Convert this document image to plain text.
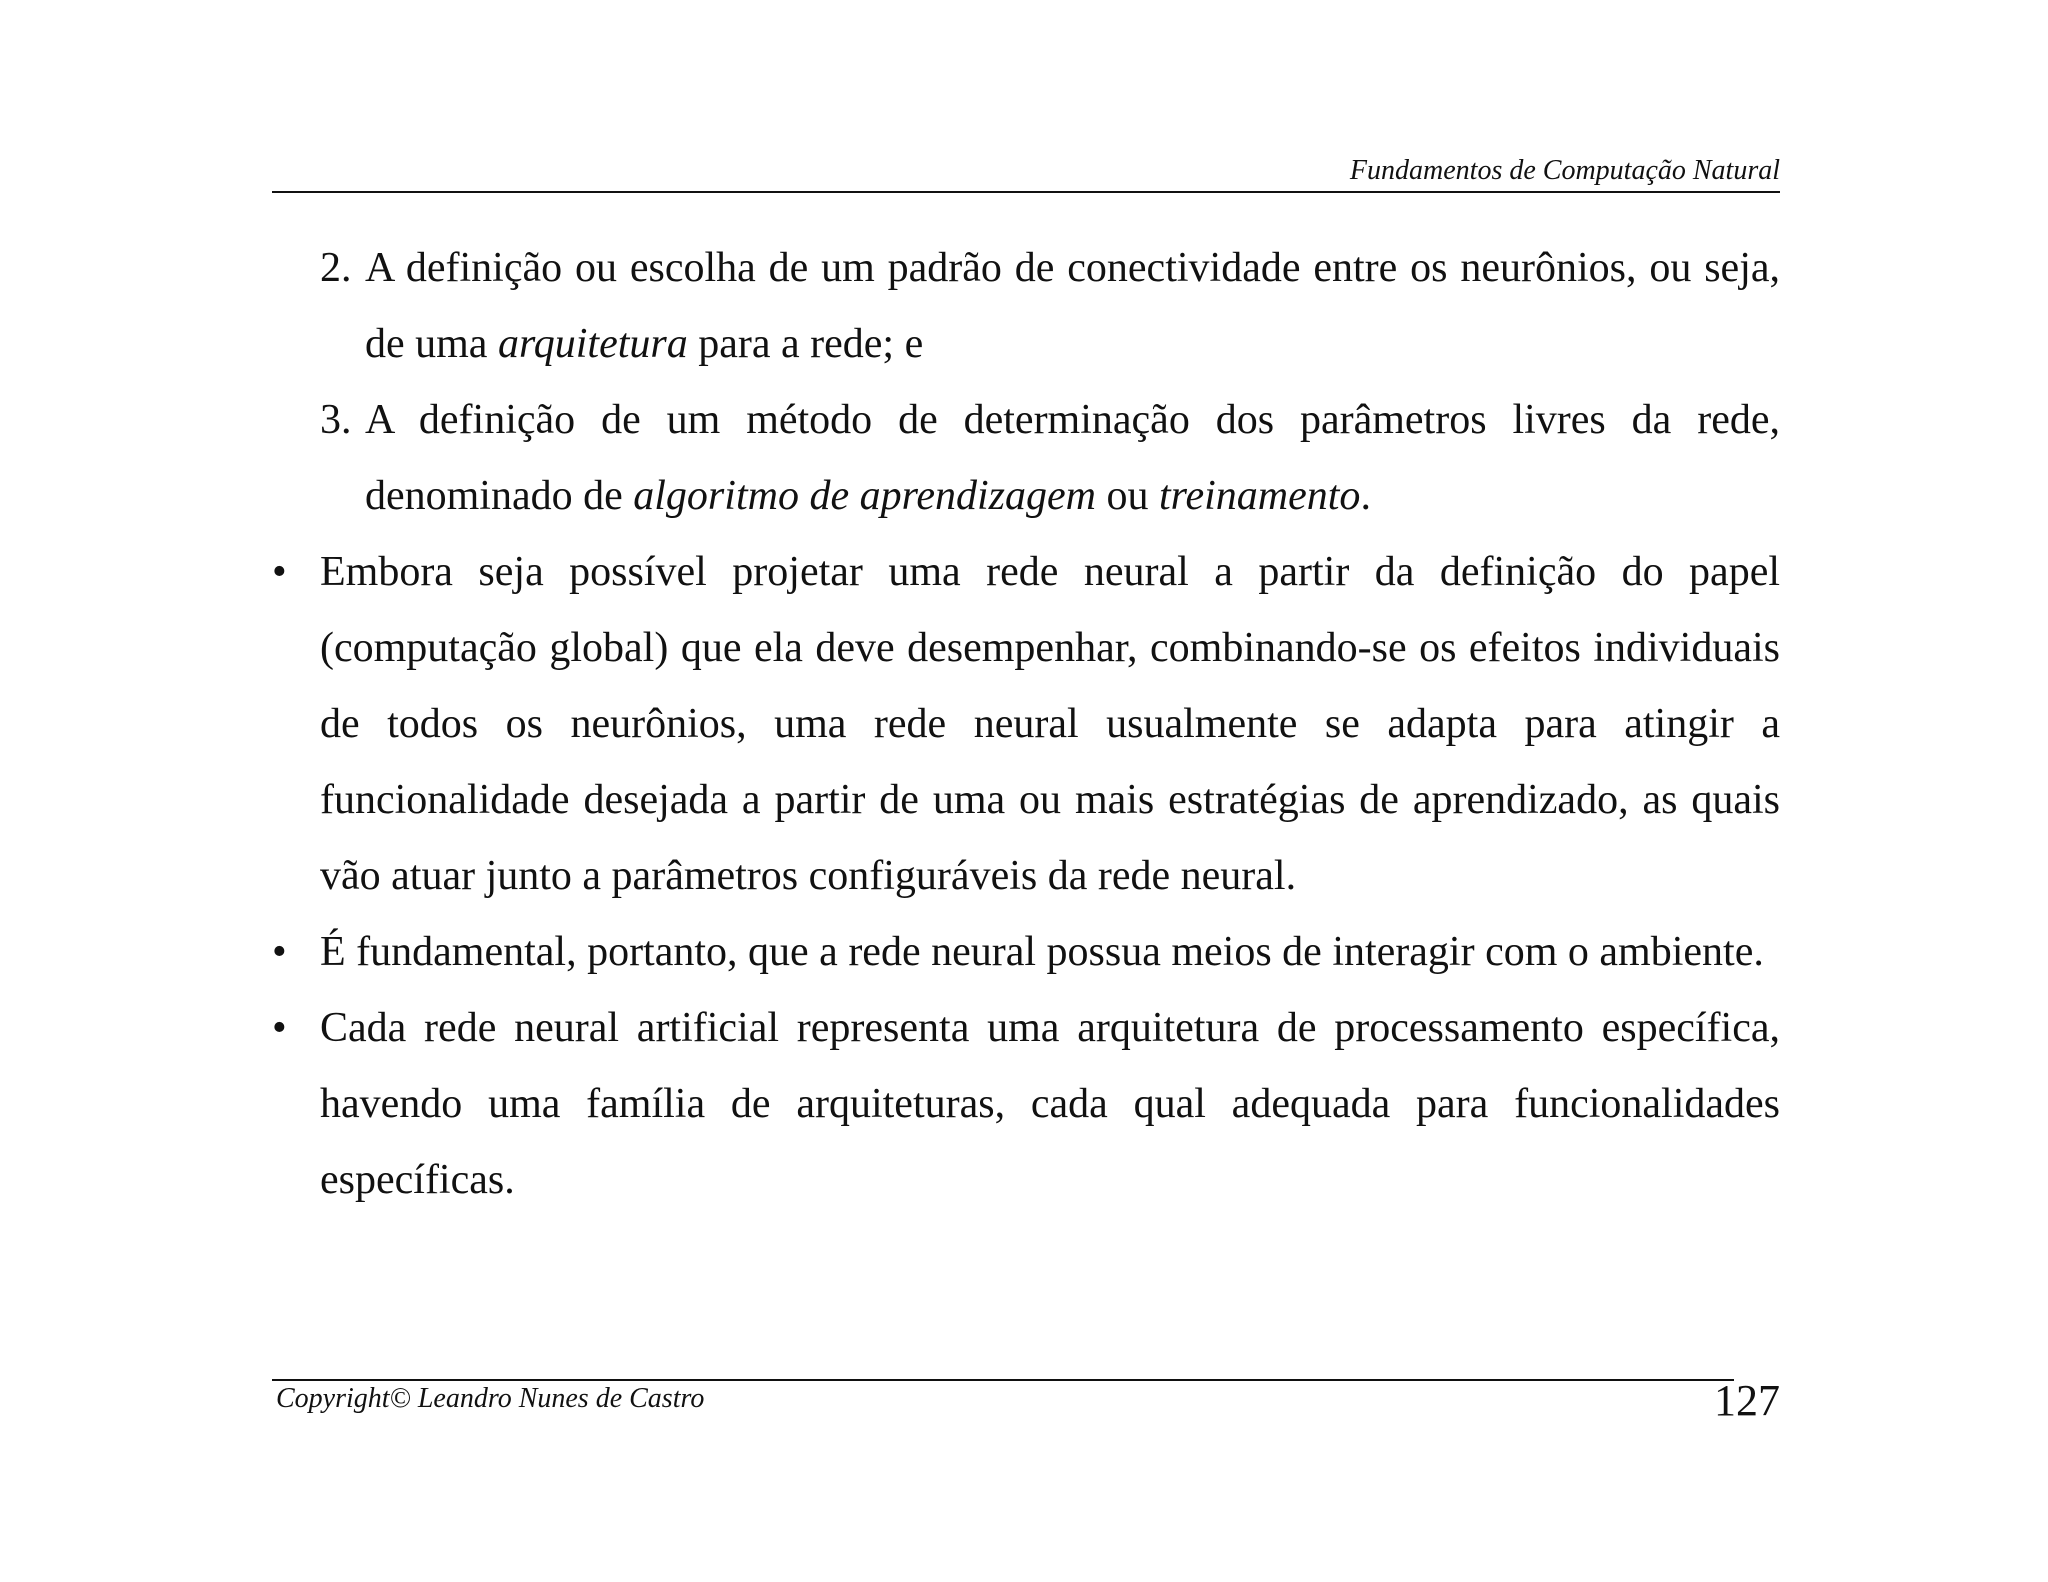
Fundamentos de Computação Natural
2. A definição ou escolha de um padrão de conectividade entre os neurônios, ou seja, de uma arquitetura para a rede; e
3. A definição de um método de determinação dos parâmetros livres da rede, denominado de algoritmo de aprendizagem ou treinamento.
• Embora seja possível projetar uma rede neural a partir da definição do papel (computação global) que ela deve desempenhar, combinando-se os efeitos individuais de todos os neurônios, uma rede neural usualmente se adapta para atingir a funcionalidade desejada a partir de uma ou mais estratégias de aprendizado, as quais vão atuar junto a parâmetros configuráveis da rede neural.
• É fundamental, portanto, que a rede neural possua meios de interagir com o ambiente.
• Cada rede neural artificial representa uma arquitetura de processamento específica, havendo uma família de arquiteturas, cada qual adequada para funcionalidades específicas.
Copyright© Leandro Nunes de Castro	127
